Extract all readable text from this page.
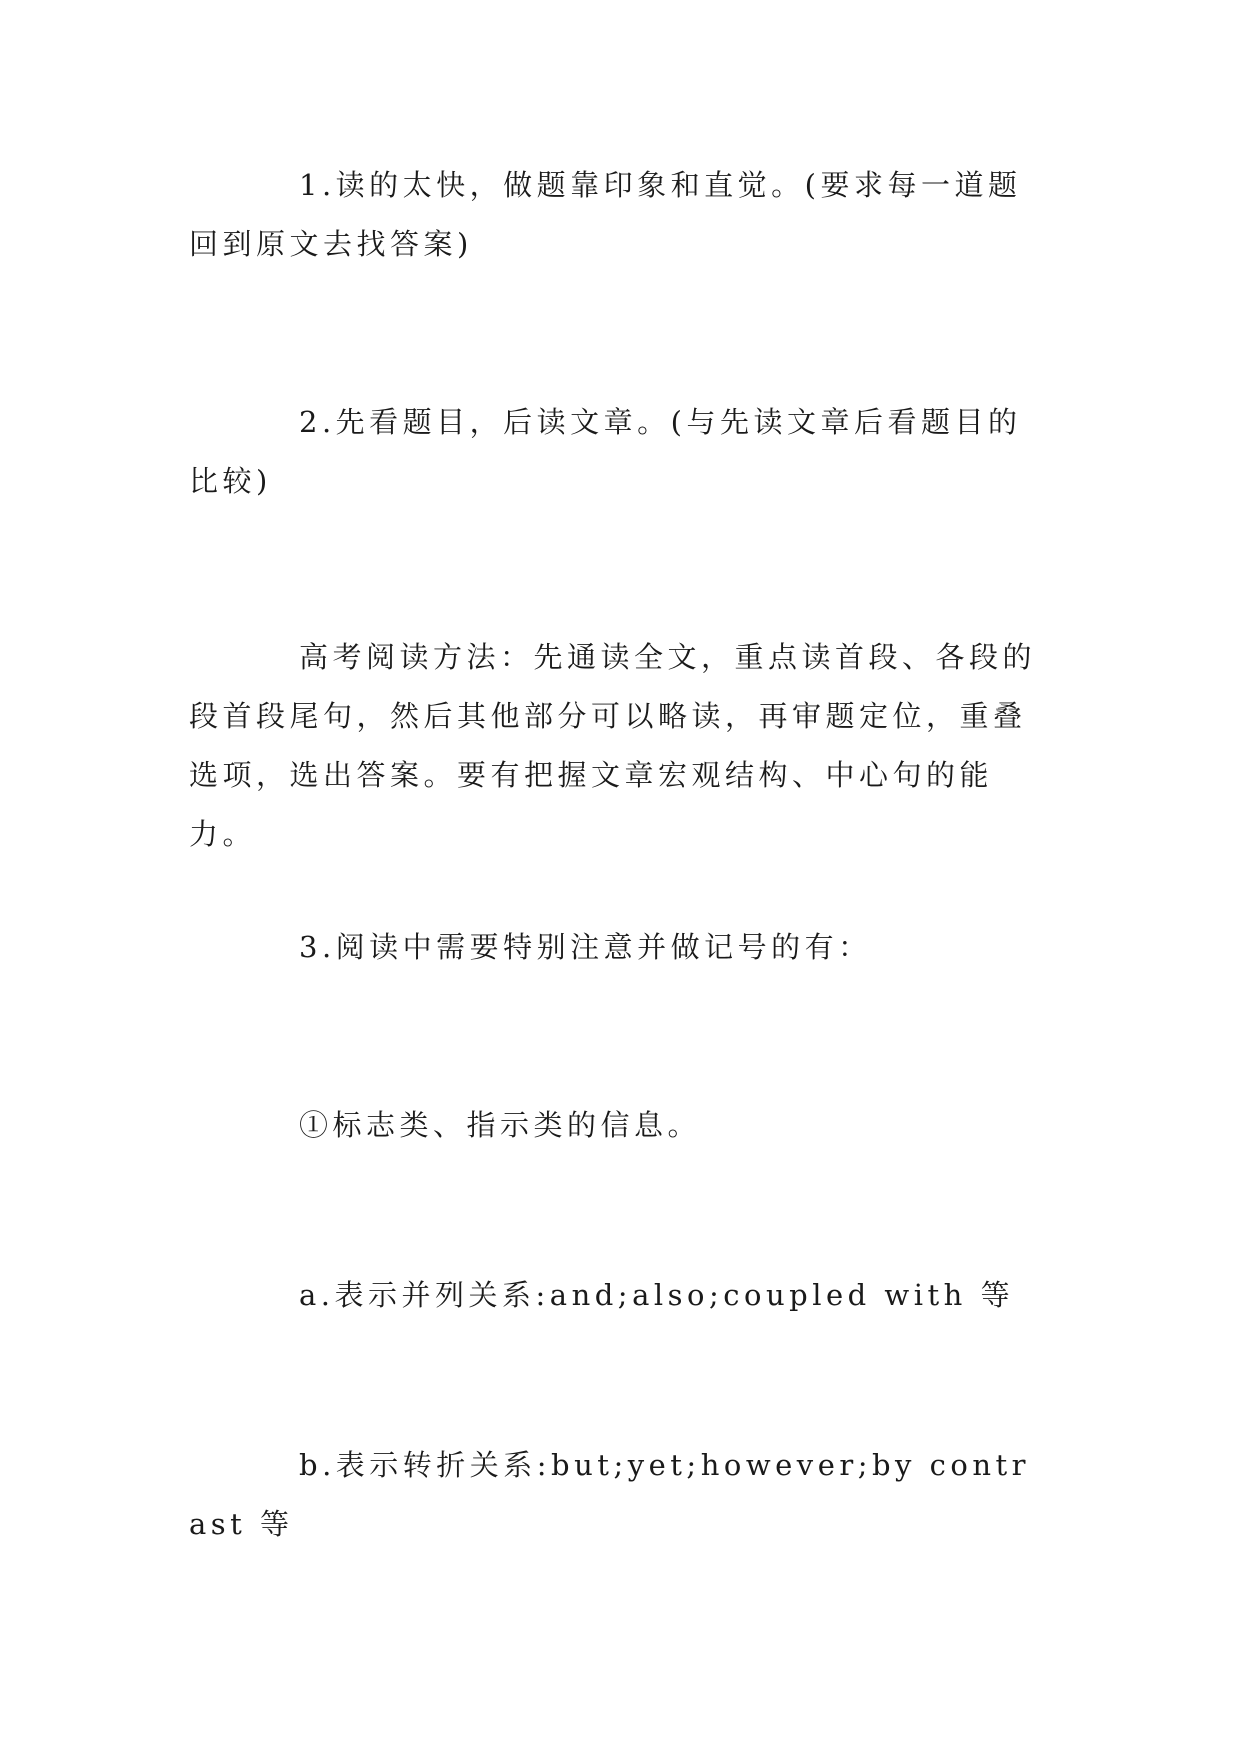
1.读的太快，做题靠印象和直觉。(要求每一道题回到原文去找答案)

2.先看题目，后读文章。(与先读文章后看题目的比较)

高考阅读方法：先通读全文，重点读首段、各段的段首段尾句，然后其他部分可以略读，再审题定位，重叠选项，选出答案。要有把握文章宏观结构、中心句的能力。

3.阅读中需要特别注意并做记号的有：

①标志类、指示类的信息。

a.表示并列关系:and;also;coupled with 等

b.表示转折关系:but;yet;however;by contrast 等
